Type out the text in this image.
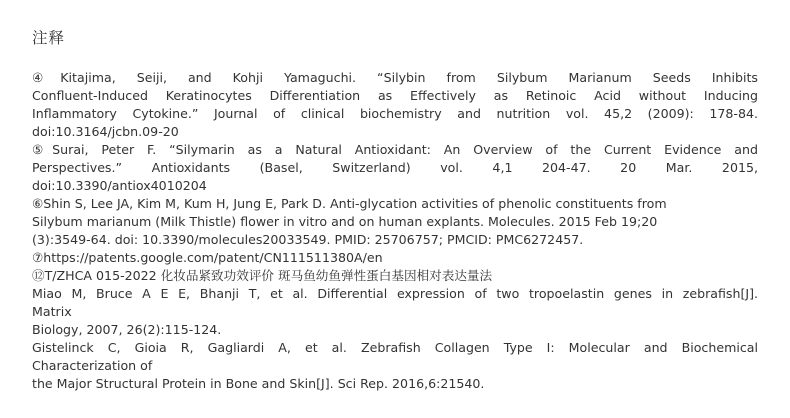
注释
④Kitajima, Seiji, and Kohji Yamaguchi. “Silybin from Silybum Marianum Seeds Inhibits
Confluent-Induced Keratinocytes Differentiation as Effectively as Retinoic Acid without Inducing
Inflammatory Cytokine.” Journal of clinical biochemistry and nutrition vol. 45,2 (2009): 178-84.
doi:10.3164/jcbn.09-20
⑤Surai, Peter F. “Silymarin as a Natural Antioxidant: An Overview of the Current Evidence and
Perspectives.” Antioxidants (Basel, Switzerland) vol. 4,1 204-47. 20 Mar. 2015,
doi:10.3390/antiox4010204
⑥Shin S, Lee JA, Kim M, Kum H, Jung E, Park D. Anti-glycation activities of phenolic constituents from
Silybum marianum (Milk Thistle) flower in vitro and on human explants. Molecules. 2015 Feb 19;20
(3):3549-64. doi: 10.3390/molecules20033549. PMID: 25706757; PMCID: PMC6272457.
⑦https://patents.google.com/patent/CN111511380A/en
⑫T/ZHCA 015-2022 化妆品紧致功效评价 斑马鱼幼鱼弹性蛋白基因相对表达量法
Miao M, Bruce A E E, Bhanji T, et al. Differential expression of two tropoelastin genes in zebrafish[J].
Matrix
Biology, 2007, 26(2):115-124.
Gistelinck C, Gioia R, Gagliardi A, et al. Zebrafish Collagen Type I: Molecular and Biochemical
Characterization of
the Major Structural Protein in Bone and Skin[J]. Sci Rep. 2016,6:21540.
